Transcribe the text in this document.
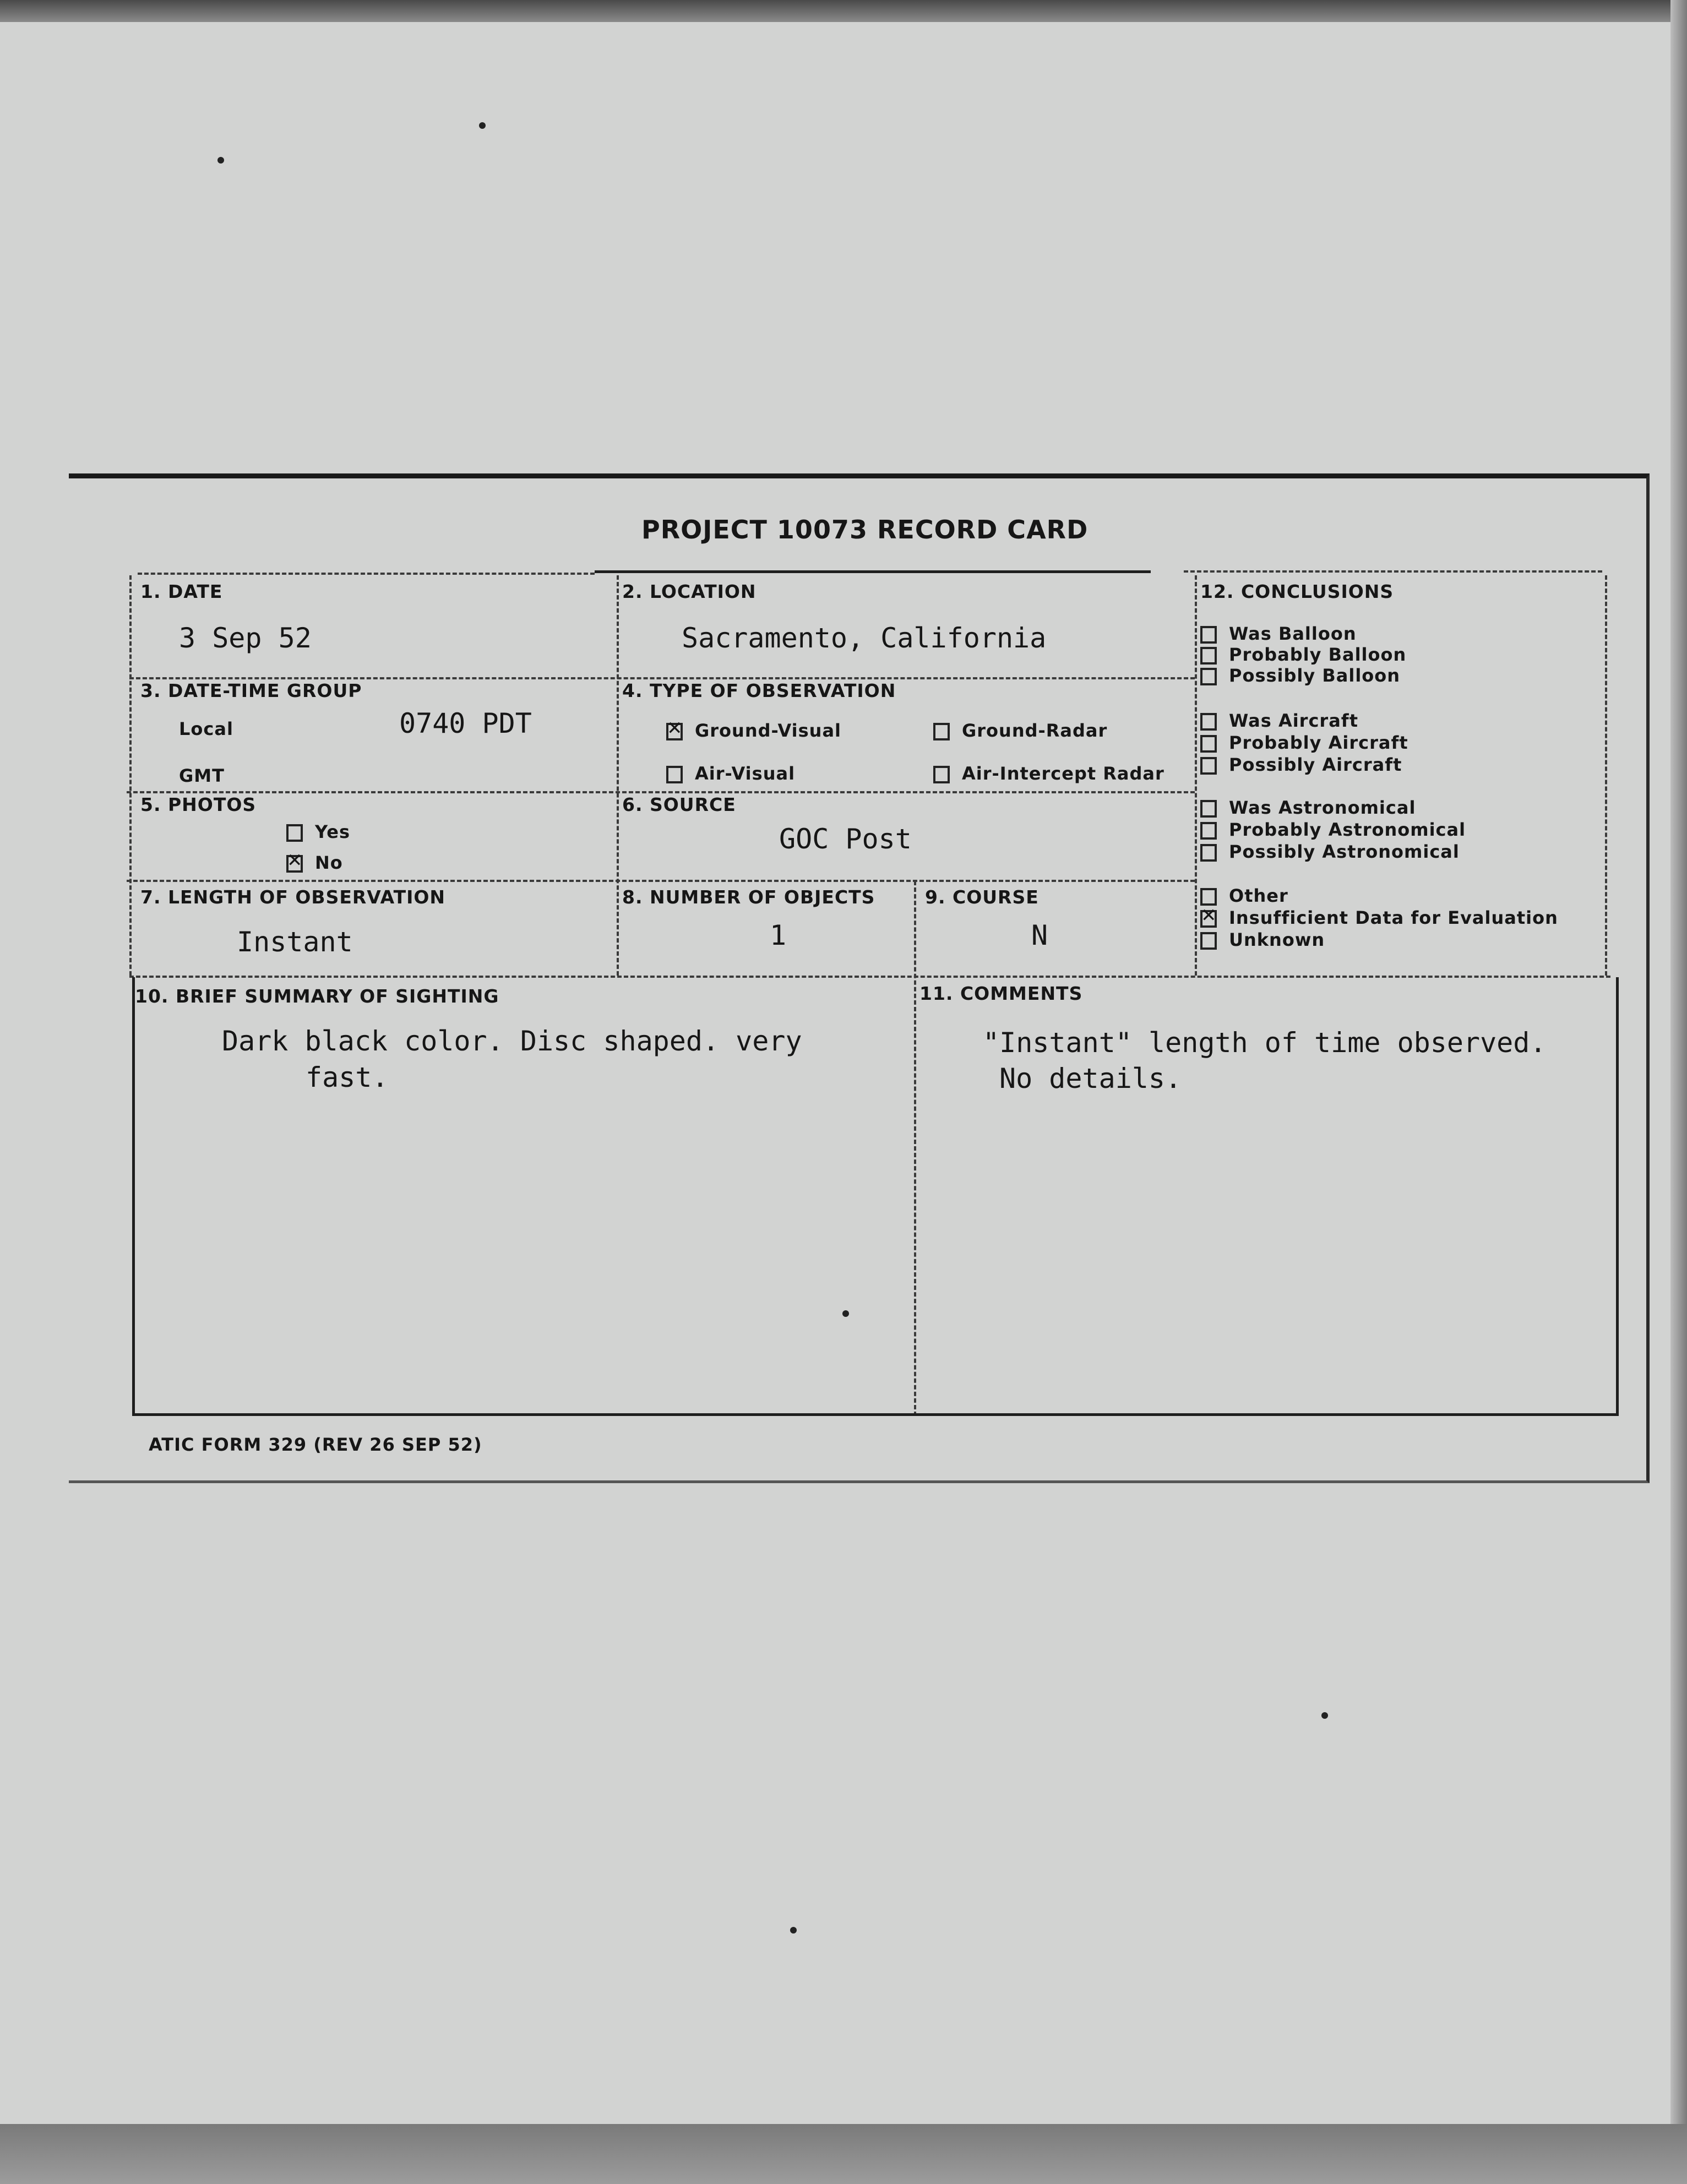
PROJECT 10073 RECORD CARD
1. DATE
3 Sep 52
2. LOCATION
Sacramento, California
3. DATE-TIME GROUP
Local	0740 PDT
GMT
4. TYPE OF OBSERVATION
✕Ground-Visual	Ground-Radar
Air-Visual	Air-Intercept Radar
5. PHOTOS
Yes
✕No
6. SOURCE
GOC Post
7. LENGTH OF OBSERVATION
Instant
8. NUMBER OF OBJECTS
1
9. COURSE
N
10. BRIEF SUMMARY OF SIGHTING
Dark black color. Disc shaped. very
fast.
11. COMMENTS
"Instant" length of time observed.
No details.
12. CONCLUSIONS
Was Balloon
Probably Balloon
Possibly Balloon
Was Aircraft
Probably Aircraft
Possibly Aircraft
Was Astronomical
Probably Astronomical
Possibly Astronomical
Other
✕Insufficient Data for Evaluation
Unknown
ATIC FORM 329 (REV 26 SEP 52)
